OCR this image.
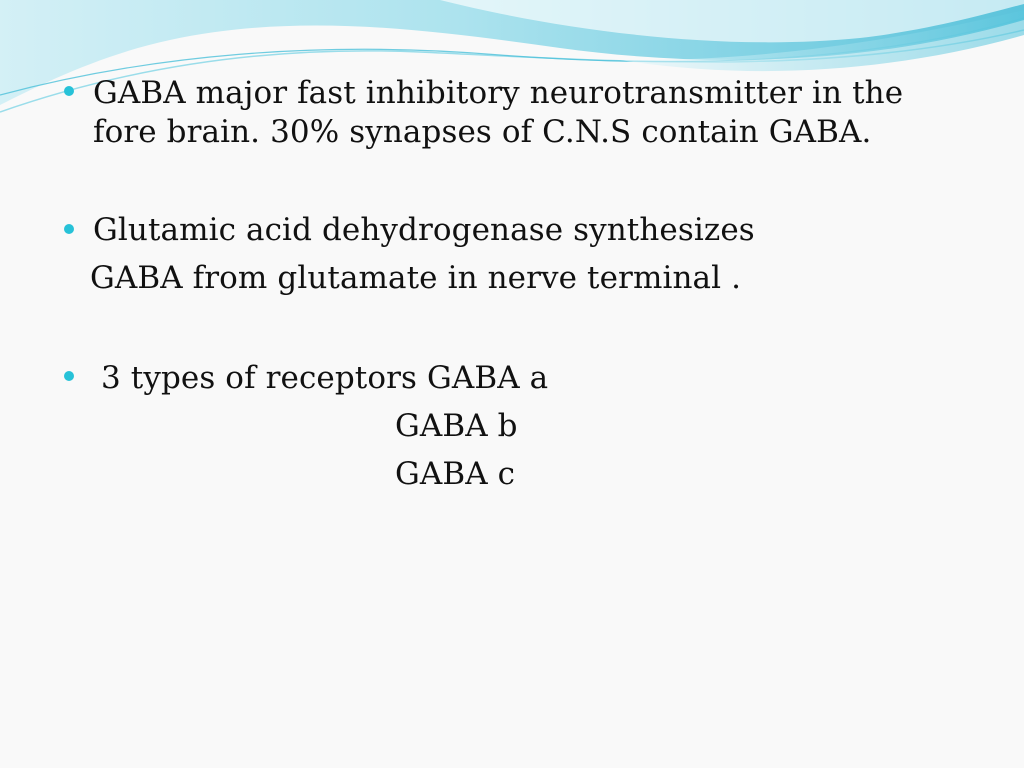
GABA major fast inhibitory neurotransmitter in the
fore brain. 30% synapses of C.N.S contain GABA.
Glutamic acid dehydrogenase synthesizes
GABA from glutamate in nerve terminal .
3 types of receptors GABA a
GABA b
GABA c
